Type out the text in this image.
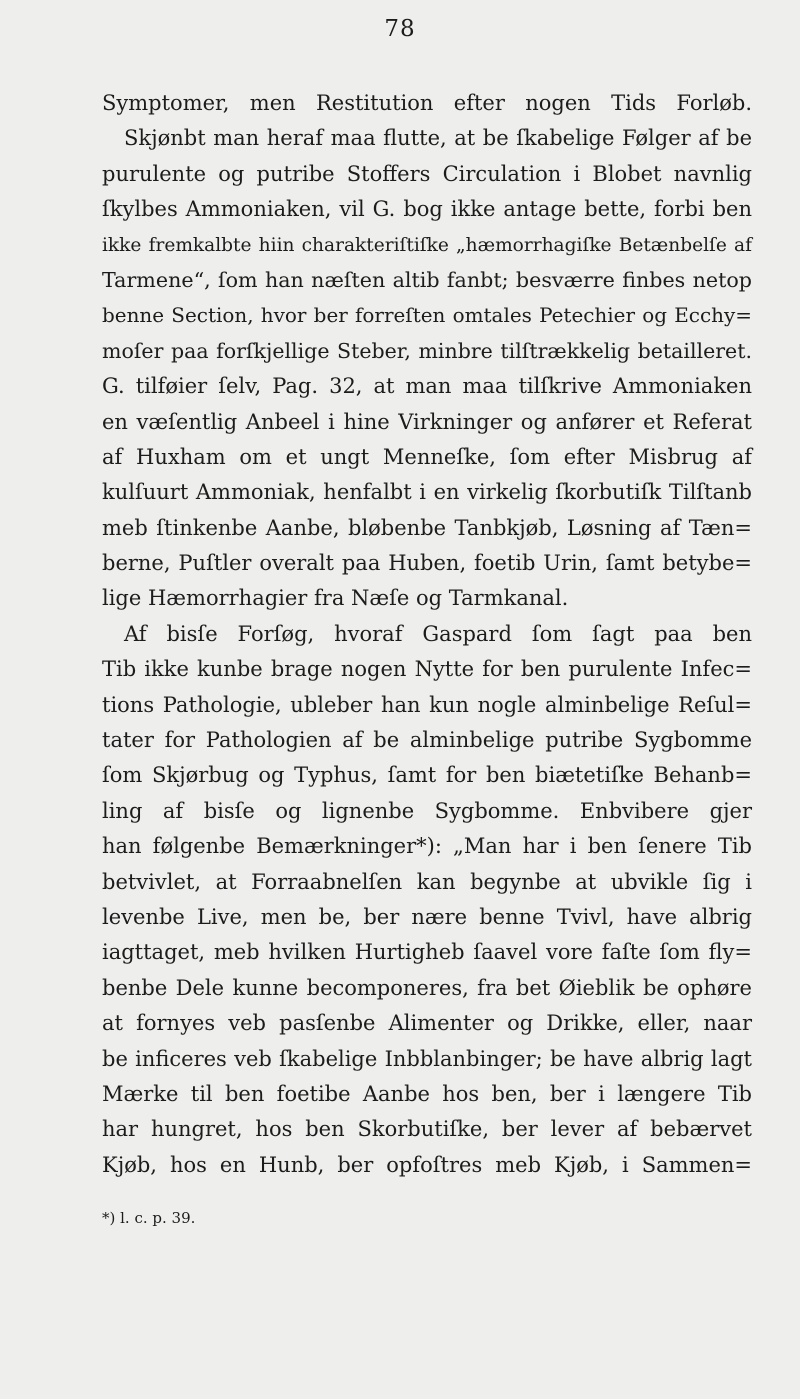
78
Symptomer, men Restitution efter nogen Tids Forløb.
Skjønbt man heraf maa flutte, at be ſkabelige Følger af be
purulente og putribe Stoffers Circulation i Blobet navnlig
ſkylbes Ammoniaken, vil G. bog ikke antage bette, forbi ben
ikke fremkalbte hiin charakteriſtiſke „hæmorrhagiſke Betænbelſe af
Tarmene“, ſom han næſten altib fanbt; besværre finbes netop
benne Section, hvor ber forreſten omtales Petechier og Ecchy=
moſer paa forſkjellige Steber, minbre tilſtrækkelig betailleret.
G. tilføier ſelv, Pag. 32, at man maa tilſkrive Ammoniaken
en væſentlig Anbeel i hine Virkninger og anfører et Referat
af Huxham om et ungt Menneſke, ſom efter Misbrug af
kulſuurt Ammoniak, henfalbt i en virkelig ſkorbutiſk Tilſtanb
meb ſtinkenbe Aanbe, bløbenbe Tanbkjøb, Løsning af Tæn=
berne, Puſtler overalt paa Huben, foetib Urin, ſamt betybe=
lige Hæmorrhagier fra Næſe og Tarmkanal.
Af bisſe Forſøg, hvoraf Gaspard ſom ſagt paa ben
Tib ikke kunbe brage nogen Nytte for ben purulente Infec=
tions Pathologie, ubleber han kun nogle alminbelige Reſul=
tater for Pathologien af be alminbelige putribe Sygbomme
ſom Skjørbug og Typhus, ſamt for ben biætetiſke Behanb=
ling af bisſe og lignenbe Sygbomme. Enbvibere gjer
han følgenbe Bemærkninger*): „Man har i ben ſenere Tib
betvivlet, at Forraabnelſen kan begynbe at ubvikle ſig i
levenbe Live, men be, ber nære benne Tvivl, have albrig
iagttaget, meb hvilken Hurtighеb ſaavel vore faſte ſom fly=
benbe Dele kunne becomponeres, fra bet Øieblik be ophøre
at fornyes veb pasſenbe Alimenter og Drikke, eller, naar
be inficeres veb ſkabelige Inbblanbinger; be have albrig lagt
Mærke til ben foetibe Aanbe hos ben, ber i længere Tib
har hungret, hos ben Skorbutiſke, ber lever af bebærvet
Kjøb, hos en Hunb, ber opfoſtres meb Kjøb, i Sammen=
*) l. c. p. 39.
